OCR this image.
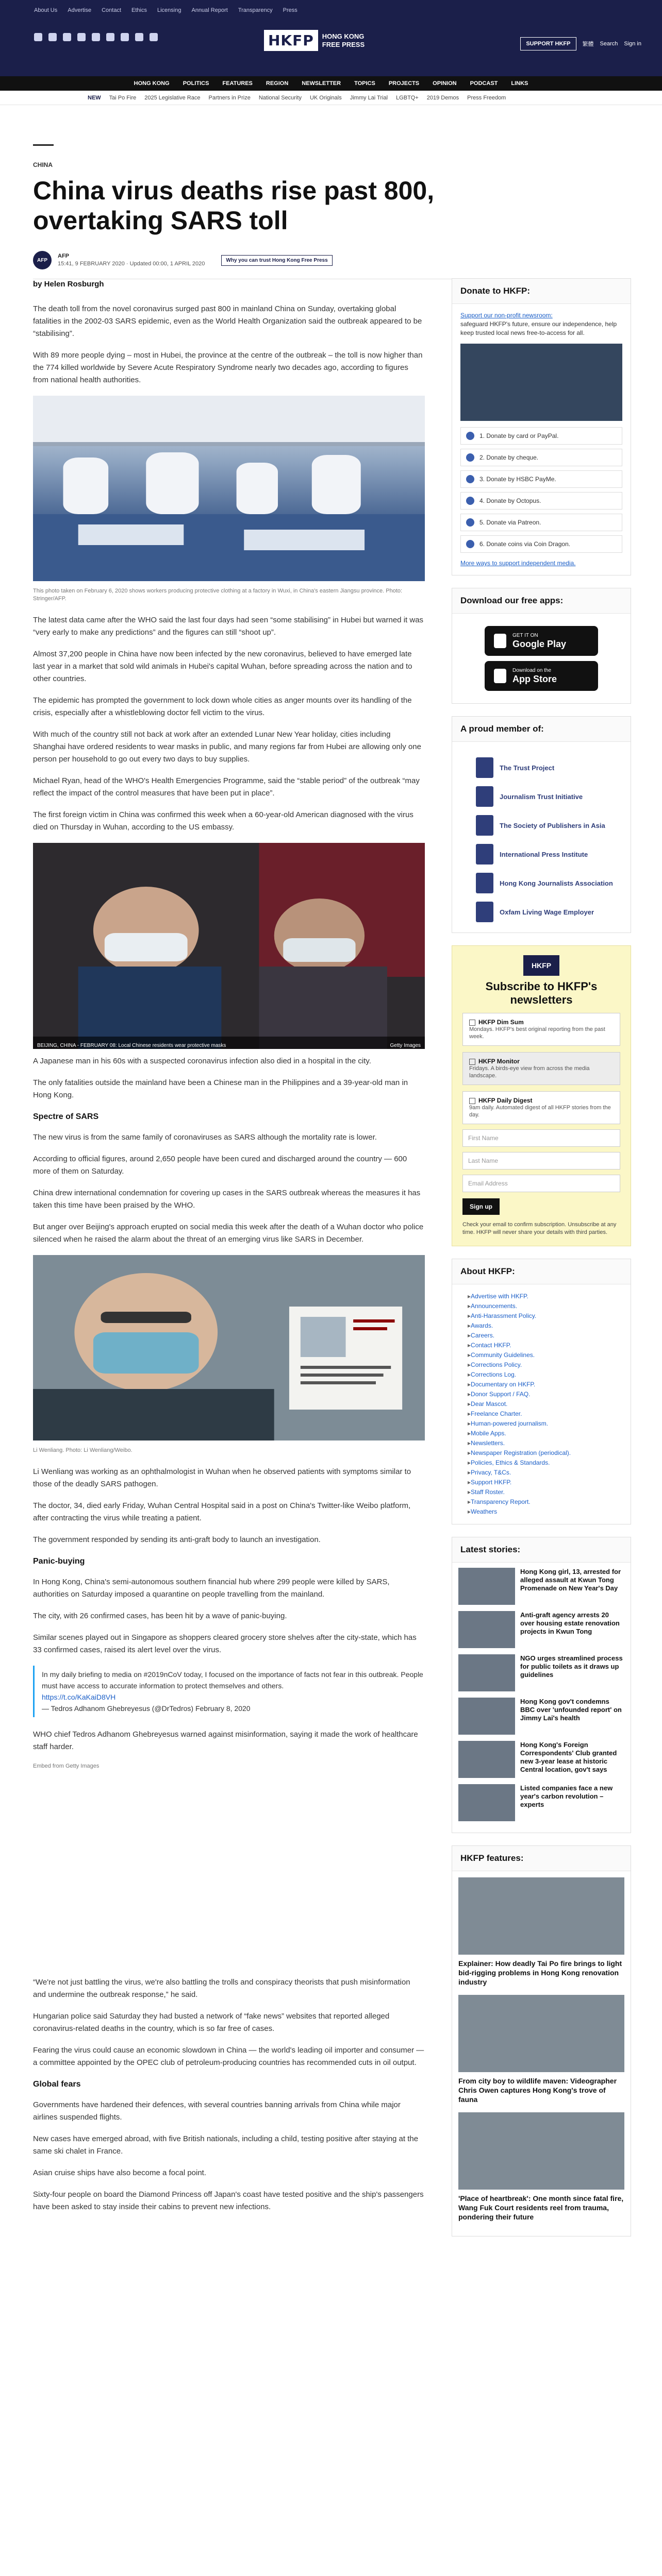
About Us Advertise Contact Ethics Licensing Annual Report Transparency Press
HKFP	HONG KONG
FREE PRESS	SUPPORT HKFP	繁體 Search Sign in
HONG KONG POLITICS FEATURES REGION NEWSLETTER TOPICS PROJECTS OPINION PODCAST LINKS
NEW Tai Po Fire 2025 Legislative Race Partners in Prize National Security UK Originals Jimmy Lai Trial LGBTQ+ 2019 Demos Press Freedom
CHINA
China virus deaths rise past 800, overtaking SARS toll
AFP
AFP
15:41, 9 FEBRUARY 2020 · Updated 00:00, 1 APRIL 2020
Why you can trust Hong Kong Free Press
by Helen Rosburgh

The death toll from the novel coronavirus surged past 800 in mainland China on Sunday, overtaking global fatalities in the 2002-03 SARS epidemic, even as the World Health Organization said the outbreak appeared to be “stabilising”.

With 89 more people dying – most in Hubei, the province at the centre of the outbreak – the toll is now higher than the 774 killed worldwide by Severe Acute Respiratory Syndrome nearly two decades ago, according to figures from national health authorities.

This photo taken on February 6, 2020 shows workers producing protective clothing at a factory in Wuxi, in China's eastern Jiangsu province. Photo: Stringer/AFP.

The latest data came after the WHO said the last four days had seen “some stabilising” in Hubei but warned it was “very early to make any predictions” and the figures can still “shoot up”.

Almost 37,200 people in China have now been infected by the new coronavirus, believed to have emerged late last year in a market that sold wild animals in Hubei's capital Wuhan, before spreading across the nation and to other countries.

The epidemic has prompted the government to lock down whole cities as anger mounts over its handling of the crisis, especially after a whistleblowing doctor fell victim to the virus.

With much of the country still not back at work after an extended Lunar New Year holiday, cities including Shanghai have ordered residents to wear masks in public, and many regions far from Hubei are allowing only one person per household to go out every two days to buy supplies.

Michael Ryan, head of the WHO's Health Emergencies Programme, said the “stable period” of the outbreak “may reflect the impact of the control measures that have been put in place”.

The first foreign victim in China was confirmed this week when a 60-year-old American diagnosed with the virus died on Thursday in Wuhan, according to the US embassy.

BEIJING, CHINA - FEBRUARY 08: Local Chinese residents wear protective masks	Getty Images

A Japanese man in his 60s with a suspected coronavirus infection also died in a hospital in the city.

The only fatalities outside the mainland have been a Chinese man in the Philippines and a 39-year-old man in Hong Kong.

Spectre of SARS

The new virus is from the same family of coronaviruses as SARS although the mortality rate is lower.

According to official figures, around 2,650 people have been cured and discharged around the country — 600 more of them on Saturday.

China drew international condemnation for covering up cases in the SARS outbreak whereas the measures it has taken this time have been praised by the WHO.

But anger over Beijing's approach erupted on social media this week after the death of a Wuhan doctor who police silenced when he raised the alarm about the threat of an emerging virus like SARS in December.

Li Wenliang. Photo: Li Wenliang/Weibo.

Li Wenliang was working as an ophthalmologist in Wuhan when he observed patients with symptoms similar to those of the deadly SARS pathogen.

The doctor, 34, died early Friday, Wuhan Central Hospital said in a post on China's Twitter-like Weibo platform, after contracting the virus while treating a patient.

The government responded by sending its anti-graft body to launch an investigation.

Panic-buying

In Hong Kong, China's semi-autonomous southern financial hub where 299 people were killed by SARS, authorities on Saturday imposed a quarantine on people travelling from the mainland.

The city, with 26 confirmed cases, has been hit by a wave of panic-buying.

Similar scenes played out in Singapore as shoppers cleared grocery store shelves after the city-state, which has 33 confirmed cases, raised its alert level over the virus.

In my daily briefing to media on #2019nCoV today, I focused on the importance of facts not fear in this outbreak. People must have access to accurate information to protect themselves and others.
https://t.co/KaKaiD8VH
— Tedros Adhanom Ghebreyesus (@DrTedros) February 8, 2020

WHO chief Tedros Adhanom Ghebreyesus warned against misinformation, saying it made the work of healthcare staff harder.

Embed from Getty Images

“We're not just battling the virus, we're also battling the trolls and conspiracy theorists that push misinformation and undermine the outbreak response,” he said.

Hungarian police said Saturday they had busted a network of “fake news” websites that reported alleged coronavirus-related deaths in the country, which is so far free of cases.

Fearing the virus could cause an economic slowdown in China — the world's leading oil importer and consumer — a committee appointed by the OPEC club of petroleum-producing countries has recommended cuts in oil output.

Global fears

Governments have hardened their defences, with several countries banning arrivals from China while major airlines suspended flights.

New cases have emerged abroad, with five British nationals, including a child, testing positive after staying at the same ski chalet in France.

Asian cruise ships have also become a focal point.

Sixty-four people on board the Diamond Princess off Japan's coast have tested positive and the ship's passengers have been asked to stay inside their cabins to prevent new infections.

Donate to HKFP:
Support our non-profit newsroom:
safeguard HKFP's future, ensure our independence, help keep trusted local news free-to-access for all.
1. Donate by card or PayPal.
2. Donate by cheque.
3. Donate by HSBC PayMe.
4. Donate by Octopus.
5. Donate via Patreon.
6. Donate coins via Coin Dragon.
More ways to support independent media.
Download our free apps:
GET IT ON
Google Play
Download on the
App Store
A proud member of:
The Trust Project
Journalism Trust Initiative
The Society of Publishers in Asia
International Press Institute
Hong Kong Journalists Association
Oxfam Living Wage Employer
HKFP
Subscribe to HKFP's newsletters
HKFP Dim Sum
Mondays. HKFP's best original reporting from the past week.
HKFP Monitor
Fridays. A birds-eye view from across the media landscape.
HKFP Daily Digest
9am daily. Automated digest of all HKFP stories from the day.
First Name
Last Name
Email Address
Sign up
Check your email to confirm subscription. Unsubscribe at any time. HKFP will never share your details with third parties.
About HKFP:
▸ Advertise with HKFP.
▸ Announcements.
▸ Anti-Harassment Policy.
▸ Awards.
▸ Careers.
▸ Contact HKFP.
▸ Community Guidelines.
▸ Corrections Policy.
▸ Corrections Log.
▸ Documentary on HKFP.
▸ Donor Support / FAQ.
▸ Dear Mascot.
▸ Freelance Charter.
▸ Human-powered journalism.
▸ Mobile Apps.
▸ Newsletters.
▸ Newspaper Registration (periodical).
▸ Policies, Ethics & Standards.
▸ Privacy, T&Cs.
▸ Support HKFP.
▸ Staff Roster.
▸ Transparency Report.
▸ Weathers
Latest stories:
Hong Kong girl, 13, arrested for alleged assault at Kwun Tong Promenade on New Year's Day
Anti-graft agency arrests 20 over housing estate renovation projects in Kwun Tong
NGO urges streamlined process for public toilets as it draws up guidelines
Hong Kong gov't condemns BBC over 'unfounded report' on Jimmy Lai's health
Hong Kong's Foreign Correspondents' Club granted new 3-year lease at historic Central location, gov't says
Listed companies face a new year's carbon revolution – experts
HKFP features:
Explainer: How deadly Tai Po fire brings to light bid-rigging problems in Hong Kong renovation industry
From city boy to wildlife maven: Videographer Chris Owen captures Hong Kong's trove of fauna
'Place of heartbreak': One month since fatal fire, Wang Fuk Court residents reel from trauma, pondering their future
